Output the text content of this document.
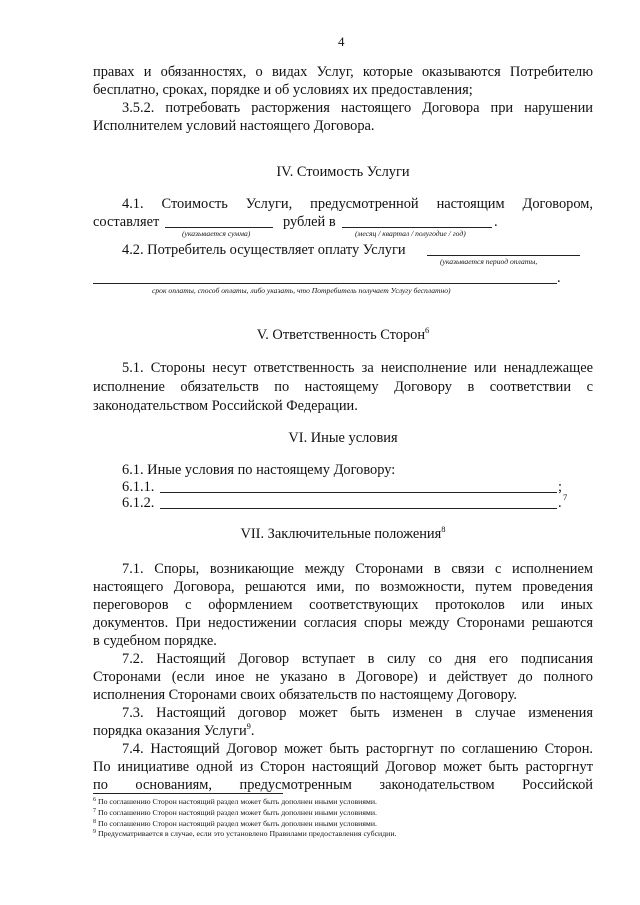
4
правах и обязанностях, о видах Услуг, которые оказываются Потребителю
бесплатно, сроках, порядке и об условиях их предоставления;
3.5.2. потребовать расторжения настоящего Договора при нарушении
Исполнителем условий настоящего Договора.
IV. Стоимость Услуги
4.1. Стоимость Услуги, предусмотренной настоящим Договором,
составляет	рублей в	.
(указывается сумма)	(месяц / квартал / полугодие / год)
4.2. Потребитель осуществляет оплату Услуги
(указывается период оплаты,
.
срок оплаты, способ оплаты, либо указать, что Потребитель получает Услугу бесплатно)
V. Ответственность Сторон$^6$
5.1. Стороны несут ответственность за неисполнение или ненадлежащее
исполнение обязательств по настоящему Договору в соответствии с
законодательством Российской Федерации.
VI. Иные условия
6.1. Иные условия по настоящему Договору:
6.1.1.	;
7
6.1.2.	.
VII. Заключительные положения$^8$
7.1. Споры, возникающие между Сторонами в связи с исполнением
настоящего Договора, решаются ими, по возможности, путем проведения
переговоров с оформлением соответствующих протоколов или иных
документов. При недостижении согласия споры между Сторонами решаются
в судебном порядке.
7.2. Настоящий Договор вступает в силу со дня его подписания
Сторонами (если иное не указано в Договоре) и действует до полного
исполнения Сторонами своих обязательств по настоящему Договору.
7.3. Настоящий договор может быть изменен в случае изменения
порядка оказания Услуги$^9$.
7.4. Настоящий Договор может быть расторгнут по соглашению Сторон.
По инициативе одной из Сторон настоящий Договор может быть расторгнут
по основаниям, предусмотренным законодательством Российской
$^6$ По соглашению Сторон настоящий раздел может быть дополнен иными условиями.
$^7$ По соглашению Сторон настоящий раздел может быть дополнен иными условиями.
$^8$ По соглашению Сторон настоящий раздел может быть дополнен иными условиями.
$^9$ Предусматривается в случае, если это установлено Правилами предоставления субсидии.
